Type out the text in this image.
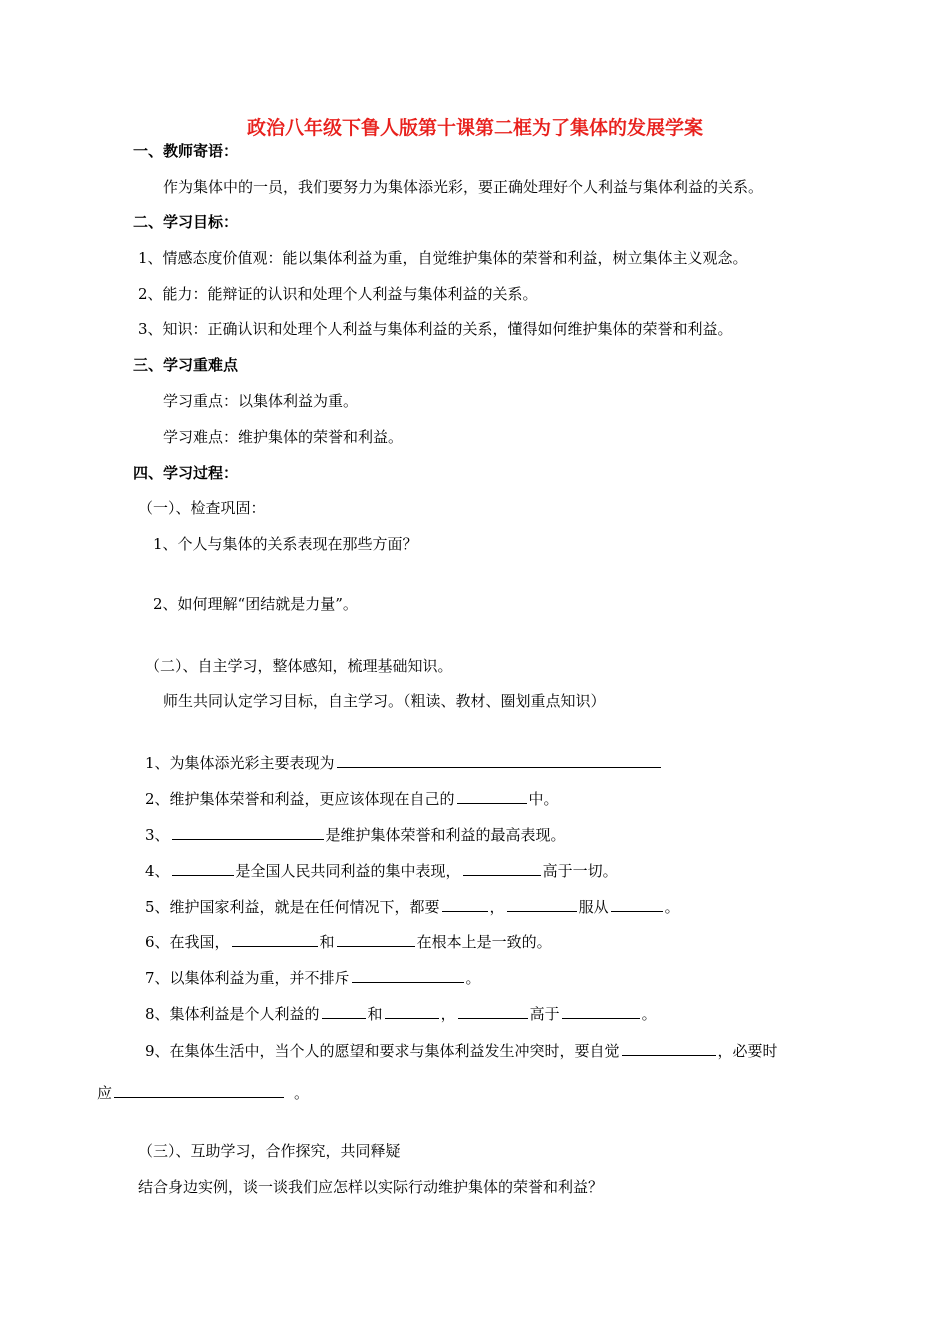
政治八年级下鲁人版第十课第二框为了集体的发展学案
一、教师寄语：
作为集体中的一员，我们要努力为集体添光彩，要正确处理好个人利益与集体利益的关系。
二、学习目标：
1、情感态度价值观：能以集体利益为重，自觉维护集体的荣誉和利益，树立集体主义观念。
2、能力：能辩证的认识和处理个人利益与集体利益的关系。
3、知识：正确认识和处理个人利益与集体利益的关系，懂得如何维护集体的荣誉和利益。
三、学习重难点
学习重点：以集体利益为重。
学习难点：维护集体的荣誉和利益。
四、学习过程：
（一）、检查巩固：
1、个人与集体的关系表现在那些方面？
2、如何理解“团结就是力量”。
（二）、自主学习，整体感知，梳理基础知识。
师生共同认定学习目标，自主学习。（粗读、教材、圈划重点知识）
1、为集体添光彩主要表现为
2、维护集体荣誉和利益，更应该体现在自己的	中。
3、	是维护集体荣誉和利益的最高表现。
4、	是全国人民共同利益的集中表现，	高于一切。
5、维护国家利益，就是在任何情况下，都要	，	服从	。
6、在我国，	和	在根本上是一致的。
7、以集体利益为重，并不排斥	。
8、集体利益是个人利益的	和	，	高于	。
9、在集体生活中，当个人的愿望和要求与集体利益发生冲突时，要自觉	，必要时
应	。
（三）、互助学习，合作探究，共同释疑
结合身边实例，谈一谈我们应怎样以实际行动维护集体的荣誉和利益？
